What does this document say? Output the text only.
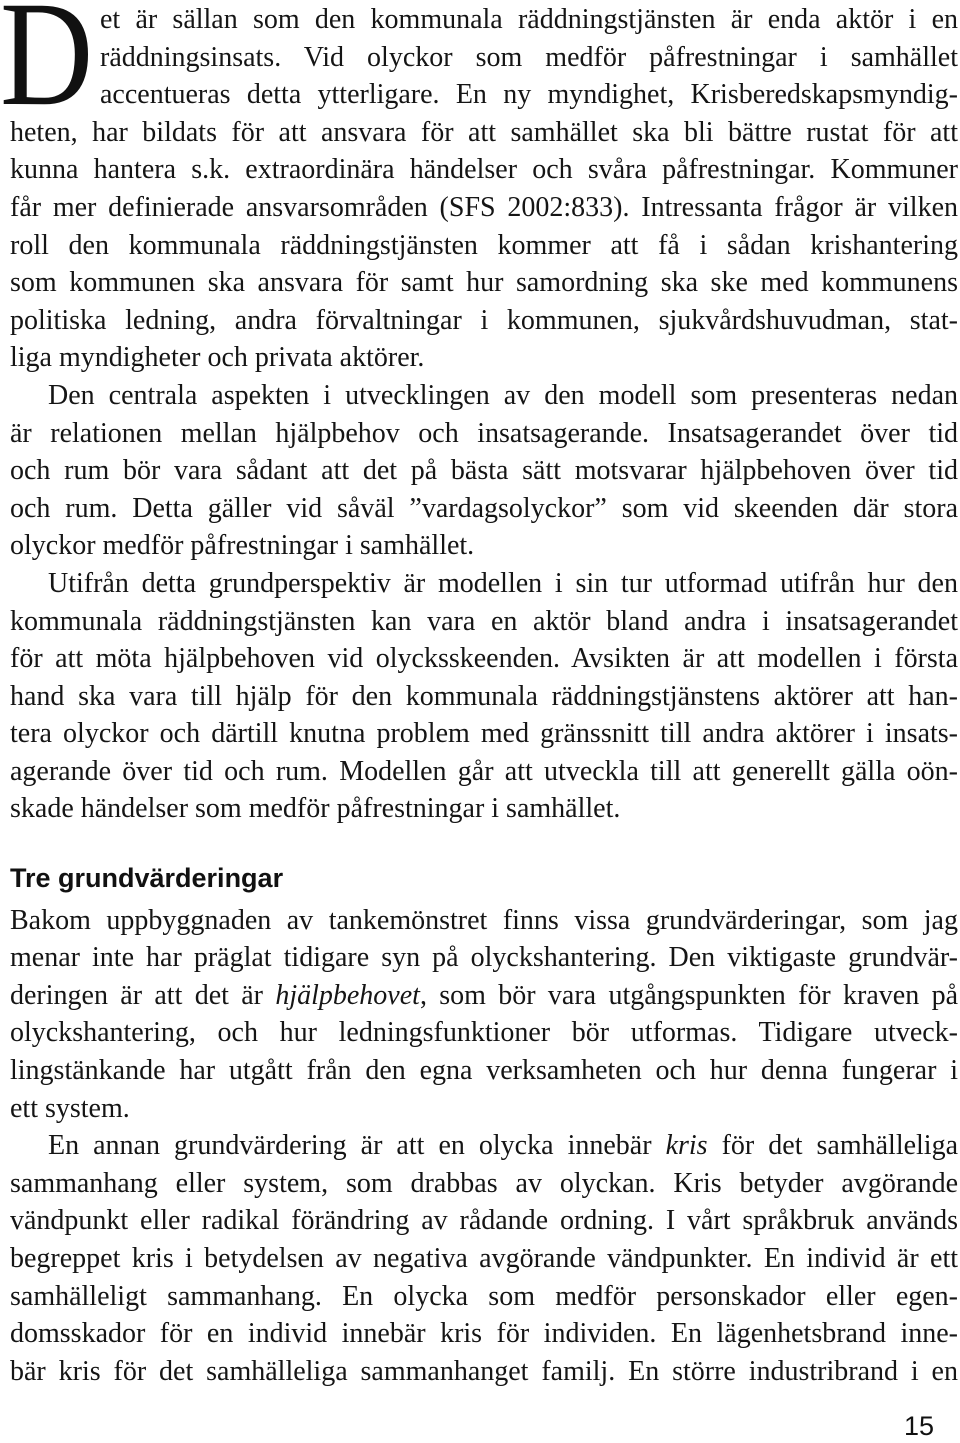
D et är sällan som den kommunala räddningstjänsten är enda aktör i en
räddningsinsats. Vid olyckor som medför påfrestningar i samhället
accentueras detta ytterligare. En ny myndighet, Krisberedskapsmyndig-
heten, har bildats för att ansvara för att samhället ska bli bättre rustat för att
kunna hantera s.k. extraordinära händelser och svåra påfrestningar. Kommuner
får mer definierade ansvarsområden (SFS 2002:833). Intressanta frågor är vilken
roll den kommunala räddningstjänsten kommer att få i sådan krishantering
som kommunen ska ansvara för samt hur samordning ska ske med kommunens
politiska ledning, andra förvaltningar i kommunen, sjukvårdshuvudman, stat-
liga myndigheter och privata aktörer.
Den centrala aspekten i utvecklingen av den modell som presenteras nedan
är relationen mellan hjälpbehov och insatsagerande. Insatsagerandet över tid
och rum bör vara sådant att det på bästa sätt motsvarar hjälpbehoven över tid
och rum. Detta gäller vid såväl ”vardagsolyckor” som vid skeenden där stora
olyckor medför påfrestningar i samhället.
Utifrån detta grundperspektiv är modellen i sin tur utformad utifrån hur den
kommunala räddningstjänsten kan vara en aktör bland andra i insatsagerandet
för att möta hjälpbehoven vid olycksskeenden. Avsikten är att modellen i första
hand ska vara till hjälp för den kommunala räddningstjänstens aktörer att han-
tera olyckor och därtill knutna problem med gränssnitt till andra aktörer i insats-
agerande över tid och rum. Modellen går att utveckla till att generellt gälla oön-
skade händelser som medför påfrestningar i samhället.
Tre grundvärderingar
Bakom uppbyggnaden av tankemönstret finns vissa grundvärderingar, som jag
menar inte har präglat tidigare syn på olyckshantering. Den viktigaste grundvär-
deringen är att det är hjälpbehovet, som bör vara utgångspunkten för kraven på
olyckshantering, och hur ledningsfunktioner bör utformas. Tidigare utveck-
lingstänkande har utgått från den egna verksamheten och hur denna fungerar i
ett system.
En annan grundvärdering är att en olycka innebär kris för det samhälleliga
sammanhang eller system, som drabbas av olyckan. Kris betyder avgörande
vändpunkt eller radikal förändring av rådande ordning. I vårt språkbruk används
begreppet kris i betydelsen av negativa avgörande vändpunkter. En individ är ett
samhälleligt sammanhang. En olycka som medför personskador eller egen-
domsskador för en individ innebär kris för individen. En lägenhetsbrand inne-
bär kris för det samhälleliga sammanhanget familj. En större industribrand i en
15
